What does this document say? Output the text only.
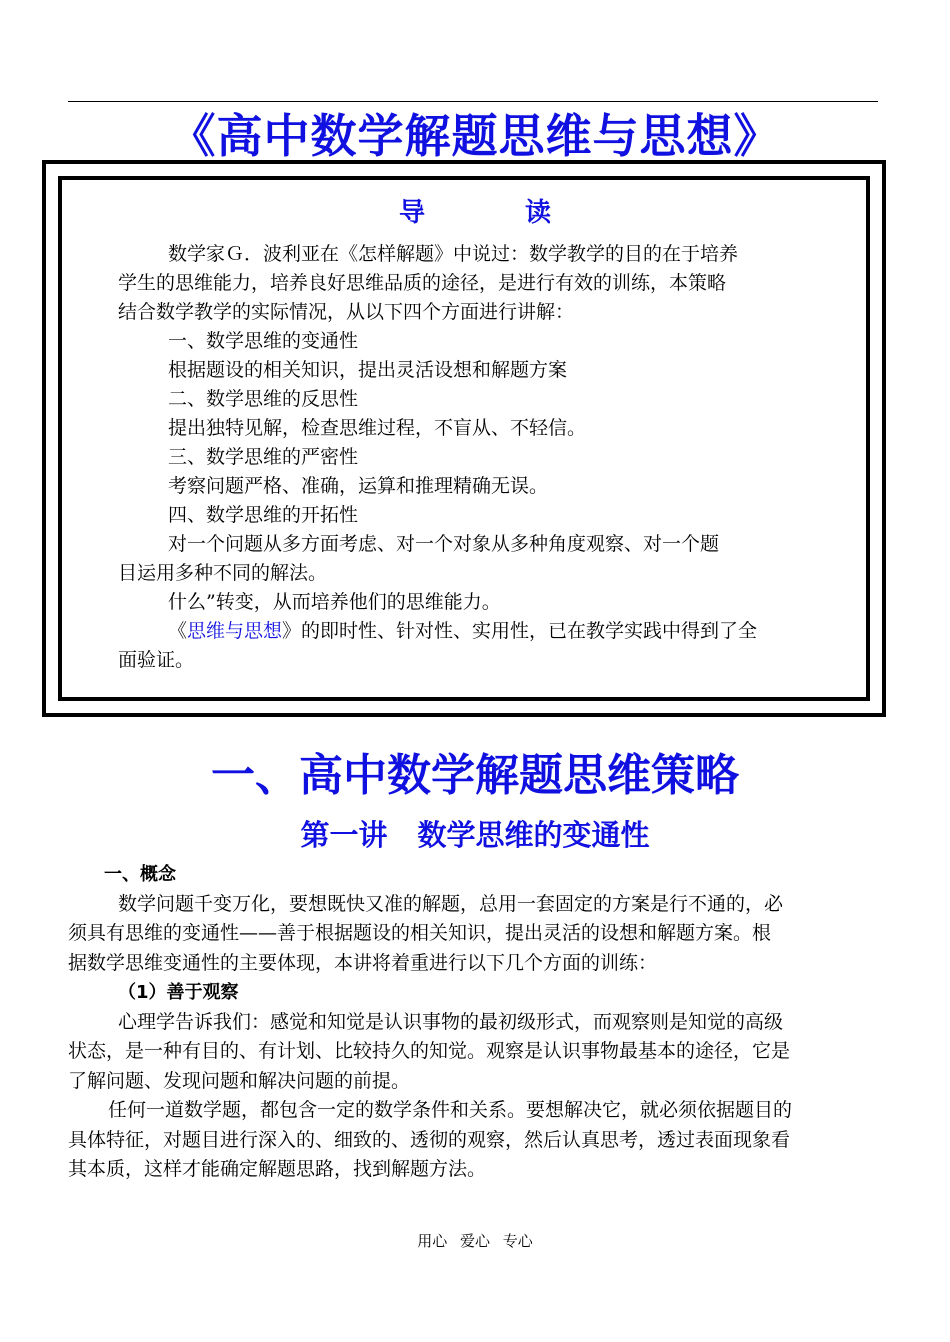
《高中数学解题思维与思想》
导	读
数学家Ｇ．波利亚在《怎样解题》中说过：数学教学的目的在于培养
学生的思维能力，培养良好思维品质的途径，是进行有效的训练，本策略
结合数学教学的实际情况，从以下四个方面进行讲解：
一、数学思维的变通性
根据题设的相关知识，提出灵活设想和解题方案
二、数学思维的反思性
提出独特见解，检查思维过程，不盲从、不轻信。
三、数学思维的严密性
考察问题严格、准确，运算和推理精确无误。
四、数学思维的开拓性
对一个问题从多方面考虑、对一个对象从多种角度观察、对一个题
目运用多种不同的解法。
什么”转变，从而培养他们的思维能力。
《思维与思想》的即时性、针对性、实用性，已在教学实践中得到了全
面验证。
一、高中数学解题思维策略
第一讲 数学思维的变通性
一、概念
数学问题千变万化，要想既快又准的解题，总用一套固定的方案是行不通的，必
须具有思维的变通性——善于根据题设的相关知识，提出灵活的设想和解题方案。根
据数学思维变通性的主要体现，本讲将着重进行以下几个方面的训练：
（1）善于观察
心理学告诉我们：感觉和知觉是认识事物的最初级形式，而观察则是知觉的高级
状态，是一种有目的、有计划、比较持久的知觉。观察是认识事物最基本的途径，它是
了解问题、发现问题和解决问题的前提。
任何一道数学题，都包含一定的数学条件和关系。要想解决它，就必须依据题目的
具体特征，对题目进行深入的、细致的、透彻的观察，然后认真思考，透过表面现象看
其本质，这样才能确定解题思路，找到解题方法。
用心 爱心 专心
